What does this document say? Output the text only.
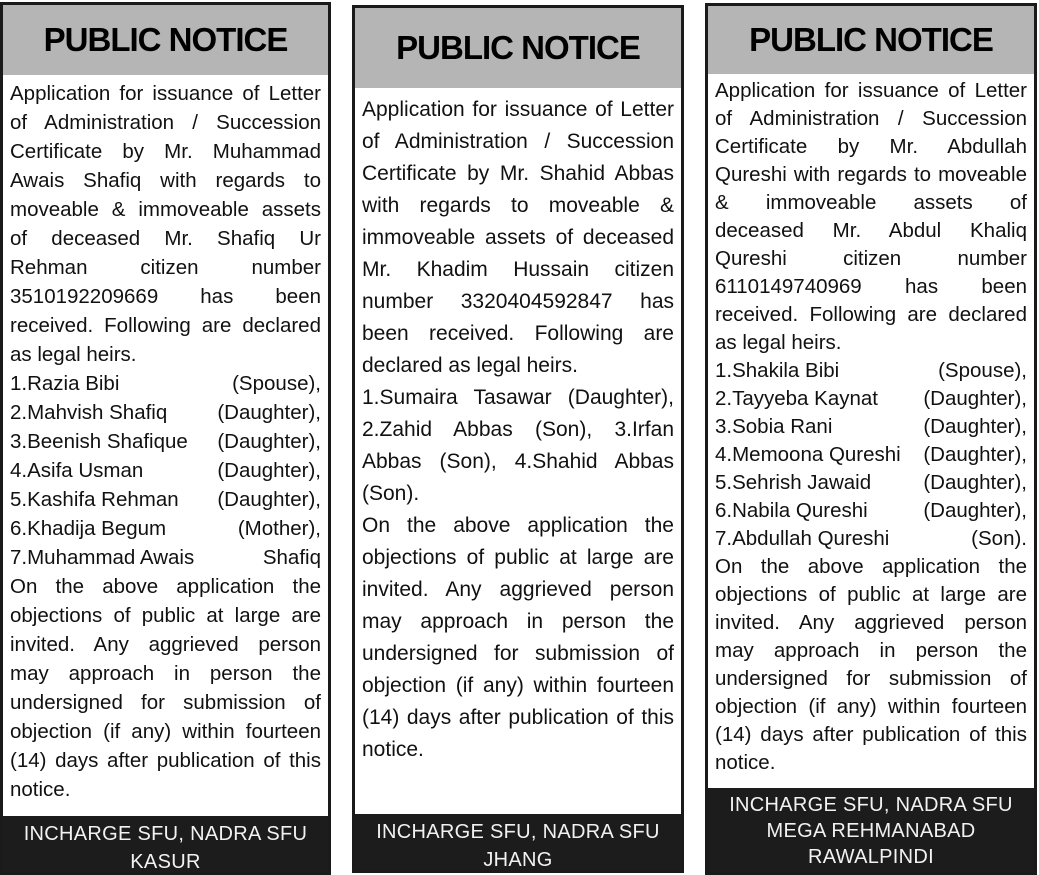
PUBLIC NOTICE

Application for issuance of Letter of Administration / Succession Certificate by Mr. Muhammad Awais Shafiq with regards to moveable & immoveable assets of deceased Mr. Shafiq Ur Rehman citizen number 3510192209669 has been received. Following are declared as legal heirs.

1.Razia Bibi	(Spouse),
2.Mahvish Shafiq (Daughter),
3.Beenish Shafique (Daughter),
4.Asifa Usman	(Daughter),
5.Kashifa Rehman (Daughter),
6.Khadija Begum	(Mother),
7.Muhammad Awais	Shafiq

On the above application the objections of public at large are invited. Any aggrieved person may approach in person the undersigned for submission of objection (if any) within fourteen (14) days after publication of this notice.

INCHARGE SFU, NADRA SFU
KASUR
PUBLIC NOTICE

Application for issuance of Letter of Administration / Succession Certificate by Mr. Shahid Abbas with regards to moveable & immoveable assets of deceased Mr. Khadim Hussain citizen number 3320404592847 has been received. Following are declared as legal heirs.

1.Sumaira Tasawar (Daughter), 2.Zahid Abbas (Son), 3.Irfan Abbas (Son), 4.Shahid Abbas (Son).

On the above application the objections of public at large are invited. Any aggrieved person may approach in person the undersigned for submission of objection (if any) within fourteen (14) days after publication of this notice.

INCHARGE SFU, NADRA SFU
JHANG
PUBLIC NOTICE

Application for issuance of Letter of Administration / Succession Certificate by Mr. Abdullah Qureshi with regards to moveable & immoveable assets of deceased Mr. Abdul Khaliq Qureshi citizen number 6110149740969 has been received. Following are declared as legal heirs.

1.Shakila Bibi	(Spouse),
2.Tayyeba Kaynat (Daughter),
3.Sobia Rani	(Daughter),
4.Memoona Qureshi (Daughter),
5.Sehrish Jawaid	(Daughter),
6.Nabila Qureshi	(Daughter),
7.Abdullah Qureshi	(Son).

On the above application the objections of public at large are invited. Any aggrieved person may approach in person the undersigned for submission of objection (if any) within fourteen (14) days after publication of this notice.

INCHARGE SFU, NADRA SFU
MEGA REHMANABAD
RAWALPINDI
